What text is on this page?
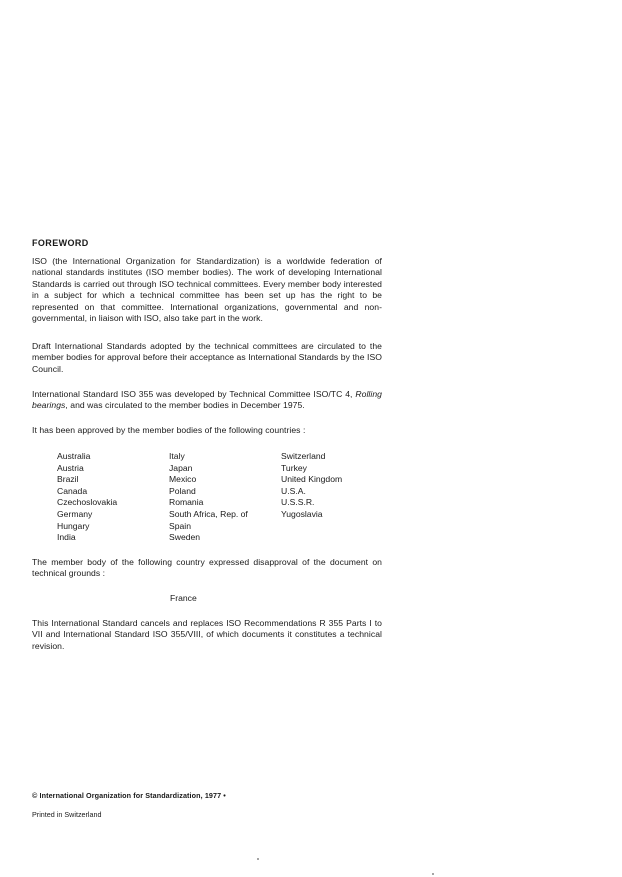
FOREWORD

ISO (the International Organization for Standardization) is a worldwide federation of national standards institutes (ISO member bodies). The work of developing International Standards is carried out through ISO technical committees. Every member body interested in a subject for which a technical committee has been set up has the right to be represented on that committee. International organizations, governmental and non-governmental, in liaison with ISO, also take part in the work.

Draft International Standards adopted by the technical committees are circulated to the member bodies for approval before their acceptance as International Standards by the ISO Council.

International Standard ISO 355 was developed by Technical Committee ISO/TC 4, Rolling bearings, and was circulated to the member bodies in December 1975.

It has been approved by the member bodies of the following countries :

Australia
Austria
Brazil
Canada
Czechoslovakia
Germany
Hungary
India
Italy
Japan
Mexico
Poland
Romania
South Africa, Rep. of
Spain
Sweden
Switzerland
Turkey
United Kingdom
U.S.A.
U.S.S.R.
Yugoslavia

The member body of the following country expressed disapproval of the document on technical grounds :

France

This International Standard cancels and replaces ISO Recommendations R 355 Parts I to VII and International Standard ISO 355/VIII, of which documents it constitutes a technical revision.

© International Organization for Standardization, 1977 •
Printed in Switzerland
